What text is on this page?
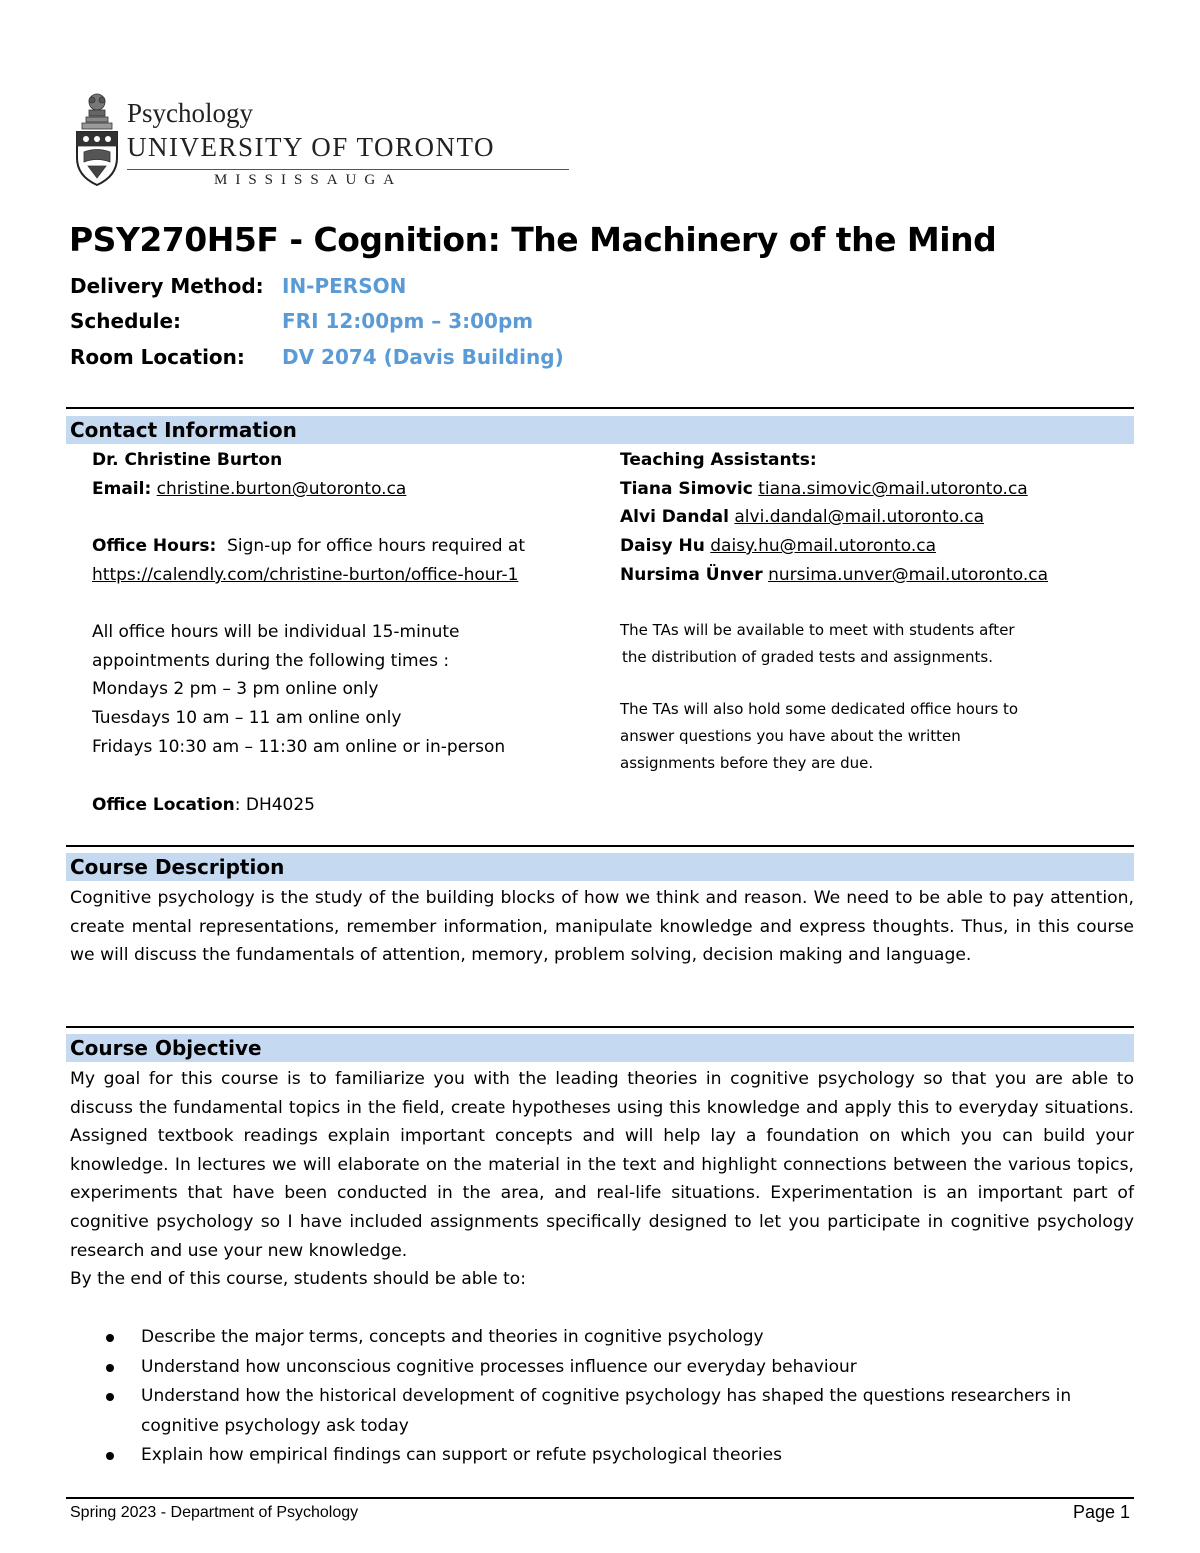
Psychology
UNIVERSITY OF TORONTO
MISSISSAUGA
PSY270H5F - Cognition: The Machinery of the Mind
Delivery Method: IN-PERSON
Schedule:	FRI 12:00pm – 3:00pm
Room Location: DV 2074 (Davis Building)
Contact Information
Dr. Christine Burton
Email: christine.burton@utoronto.ca
Office Hours: Sign-up for office hours required at
https://calendly.com/christine-burton/office-hour-1
All office hours will be individual 15-minute
appointments during the following times :
Mondays 2 pm – 3 pm online only
Tuesdays 10 am – 11 am online only
Fridays 10:30 am – 11:30 am online or in-person
Office Location: DH4025
Teaching Assistants:
Tiana Simovic tiana.simovic@mail.utoronto.ca
Alvi Dandal alvi.dandal@mail.utoronto.ca
Daisy Hu daisy.hu@mail.utoronto.ca
Nursima Ünver nursima.unver@mail.utoronto.ca
The TAs will be available to meet with students after
the distribution of graded tests and assignments.
The TAs will also hold some dedicated office hours to
answer questions you have about the written
assignments before they are due.
Course Description
Cognitive psychology is the study of the building blocks of how we think and reason. We need to be able to pay attention, create mental representations, remember information, manipulate knowledge and express thoughts. Thus, in this course we will discuss the fundamentals of attention, memory, problem solving, decision making and language.
Course Objective
My goal for this course is to familiarize you with the leading theories in cognitive psychology so that you are able to discuss the fundamental topics in the field, create hypotheses using this knowledge and apply this to everyday situations. Assigned textbook readings explain important concepts and will help lay a foundation on which you can build your knowledge. In lectures we will elaborate on the material in the text and highlight connections between the various topics, experiments that have been conducted in the area, and real-life situations. Experimentation is an important part of cognitive psychology so I have included assignments specifically designed to let you participate in cognitive psychology research and use your new knowledge.
By the end of this course, students should be able to:
Describe the major terms, concepts and theories in cognitive psychology
Understand how unconscious cognitive processes influence our everyday behaviour
Understand how the historical development of cognitive psychology has shaped the questions researchers in cognitive psychology ask today
Explain how empirical findings can support or refute psychological theories
Spring 2023 - Department of Psychology	Page 1
